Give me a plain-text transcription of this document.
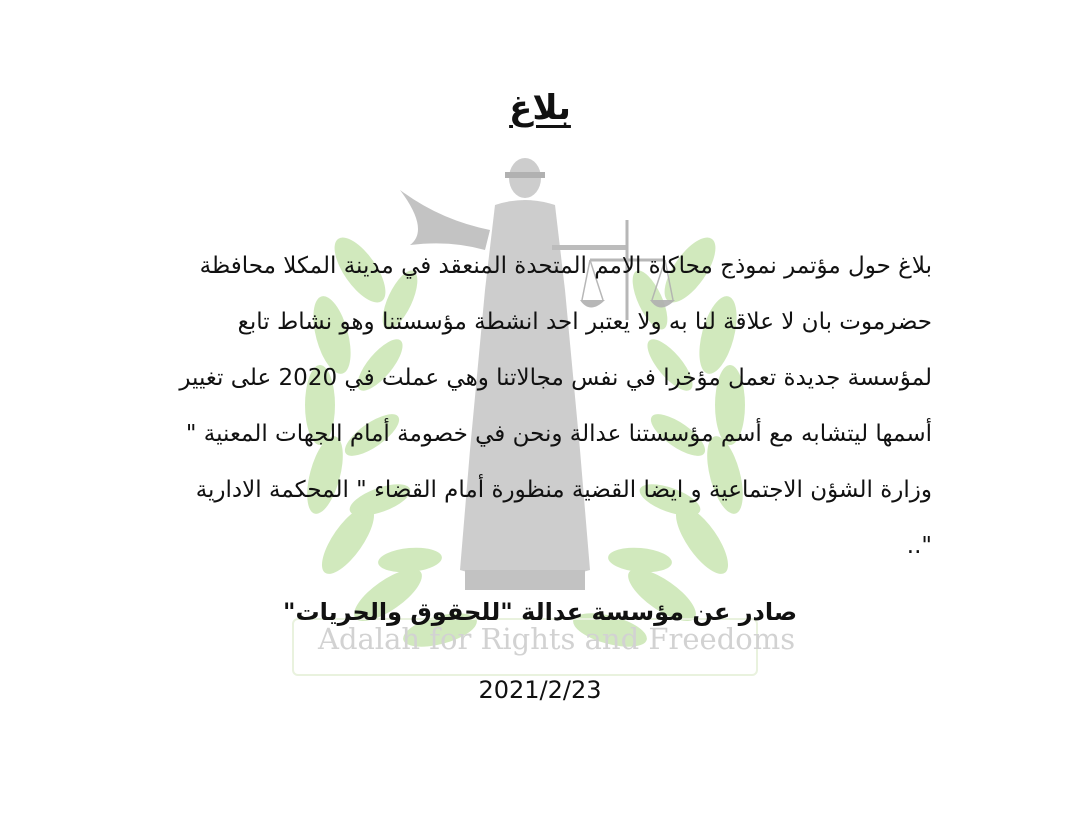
Adalah for Rights and Freedoms
بلاغ
بلاغ حول مؤتمر نموذج محاكاة الامم المتحدة المنعقد في مدينة المكلا محافظة
حضرموت بان لا علاقة لنا به ولا يعتبر احد انشطة مؤسستنا وهو نشاط تابع
لمؤسسة جديدة تعمل مؤخرا في نفس مجالاتنا وهي عملت في 2020 على تغيير
أسمها ليتشابه مع أسم مؤسستنا عدالة ونحن في خصومة أمام الجهات المعنية "
وزارة الشؤن الاجتماعية و ايضا القضية منظورة أمام القضاء " المحكمة الادارية
"..
صادر عن مؤسسة عدالة "للحقوق والحريات"
2021/2/23
